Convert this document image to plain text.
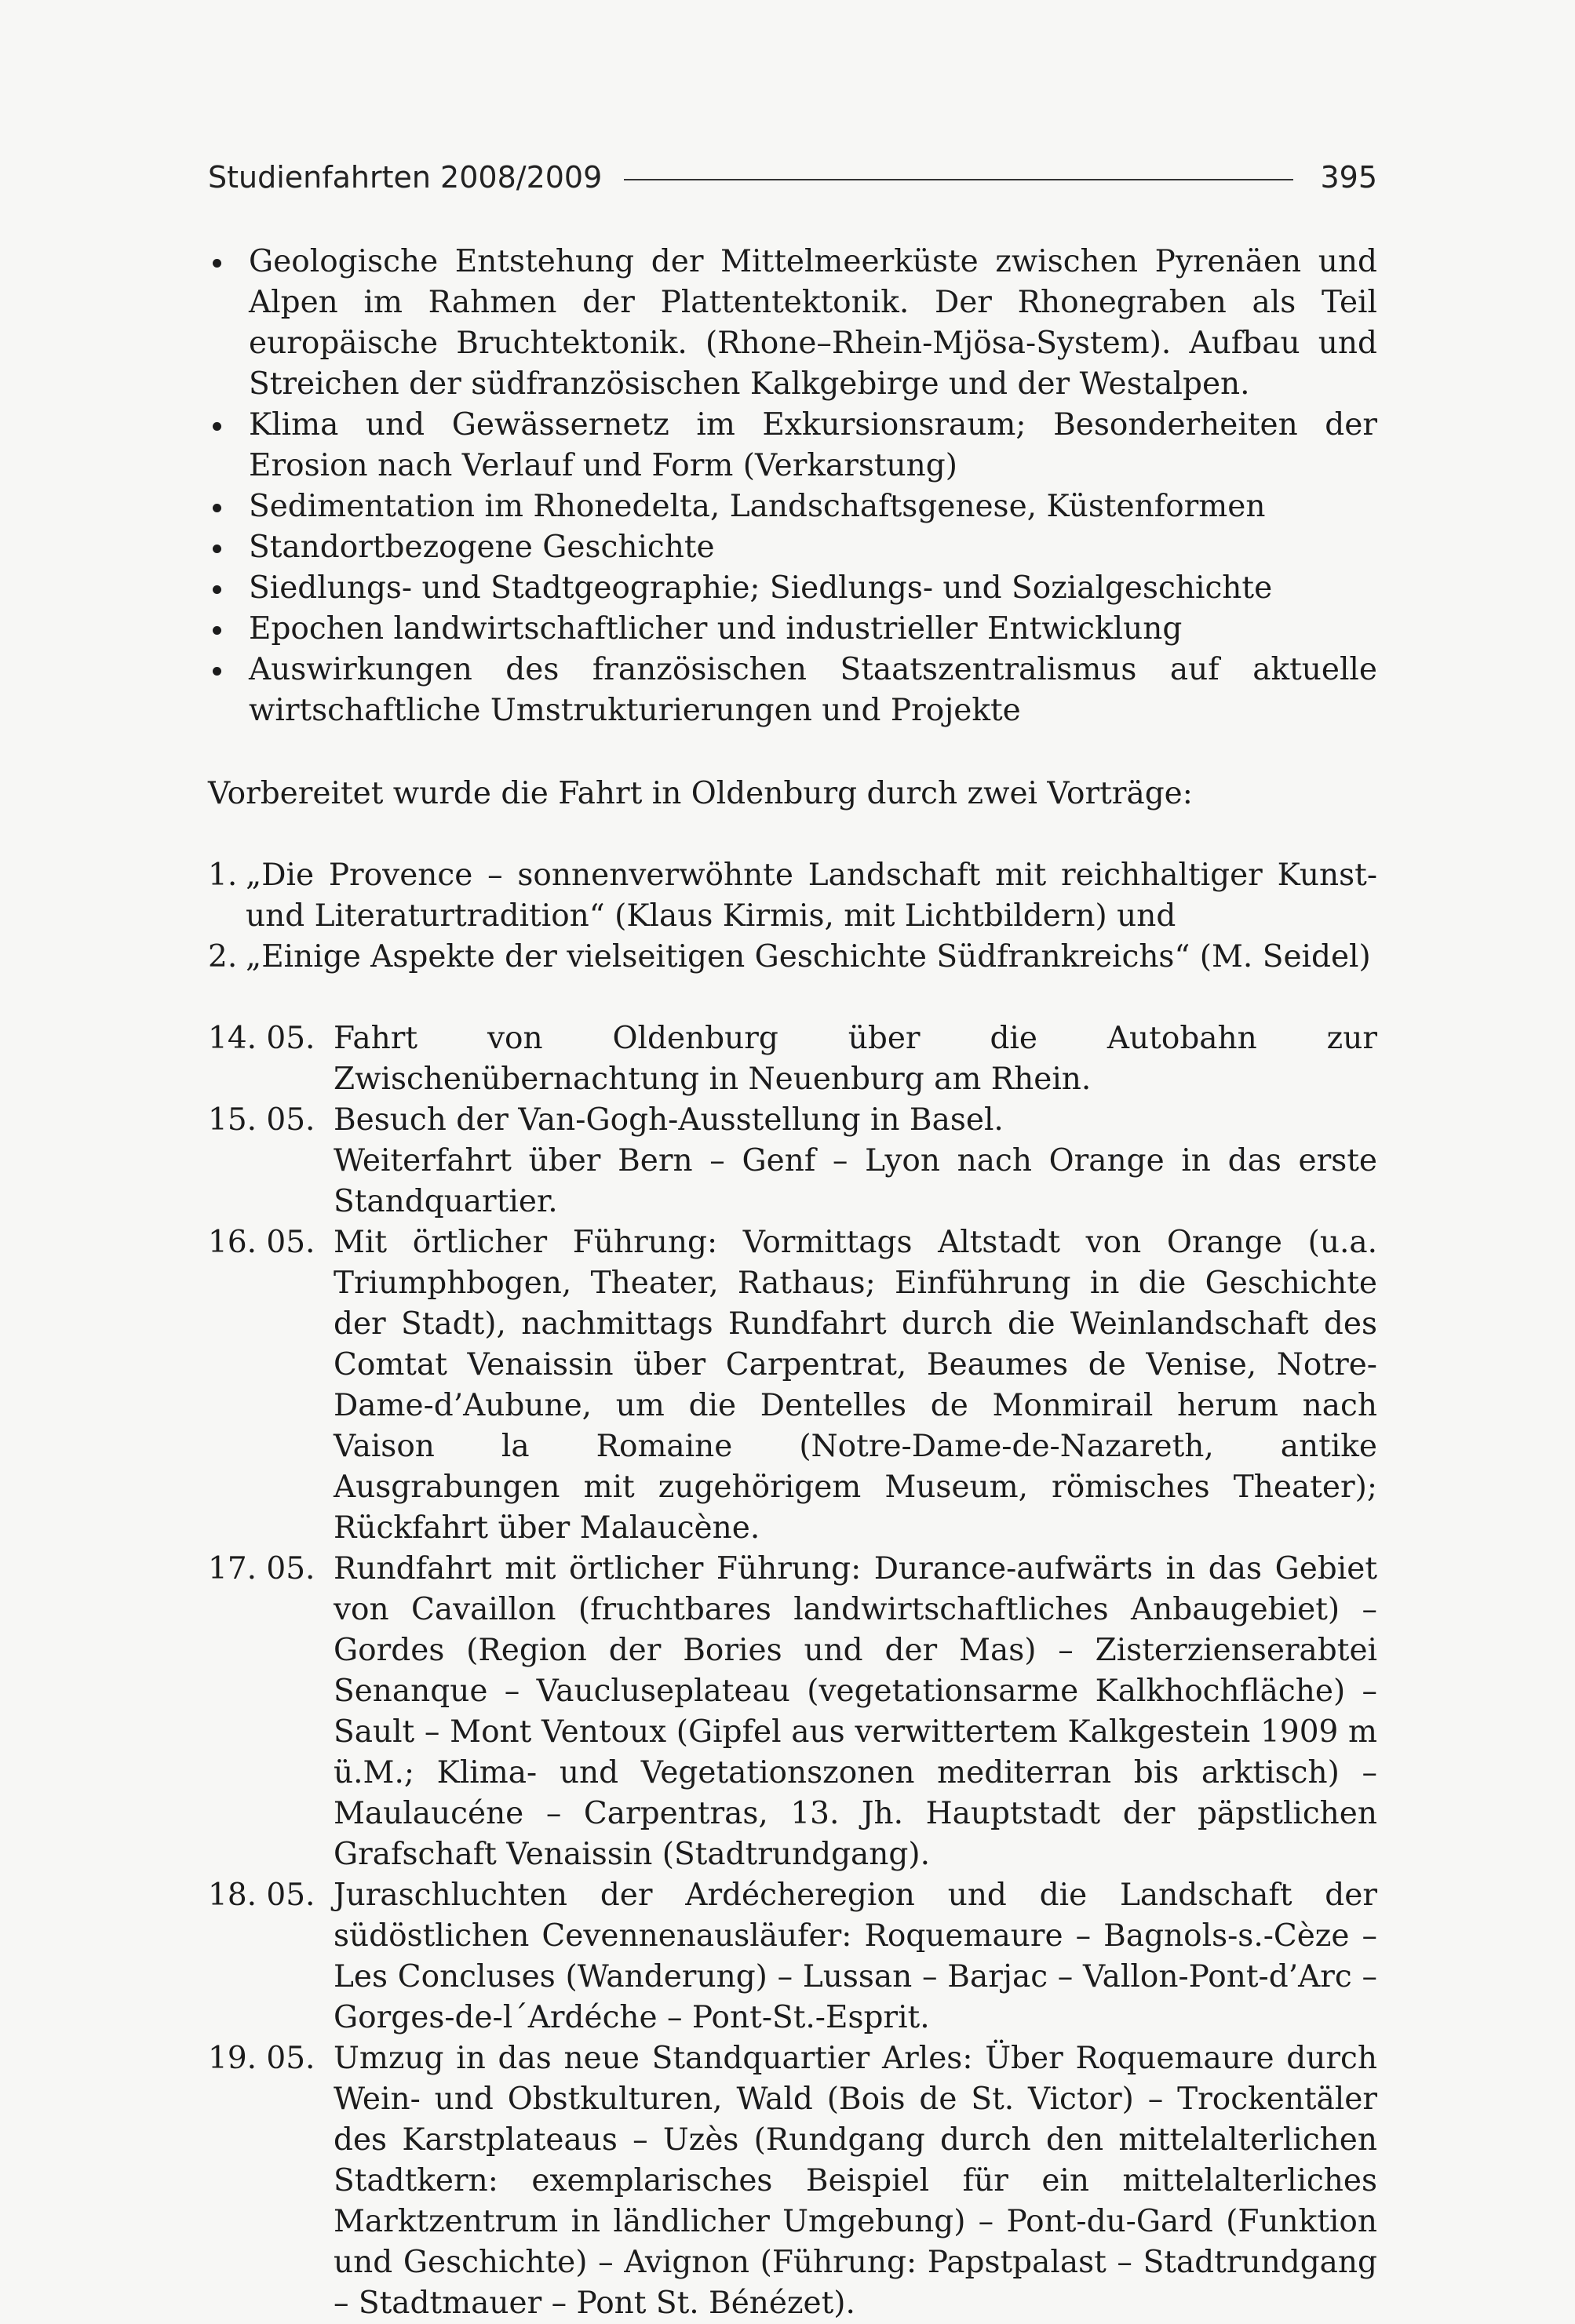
Studienfahrten 2008/2009	395
Geologische Entstehung der Mittelmeerküste zwischen Pyrenäen und Alpen im Rahmen der Plattentektonik. Der Rhonegraben als Teil europäische Bruchtektonik. (Rhone–Rhein-Mjösa-System). Aufbau und Streichen der südfranzösischen Kalkgebirge und der Westalpen.
Klima und Gewässernetz im Exkursionsraum; Besonderheiten der Erosion nach Verlauf und Form (Verkarstung)
Sedimentation im Rhonedelta, Landschaftsgenese, Küstenformen
Standortbezogene Geschichte
Siedlungs- und Stadtgeographie; Siedlungs- und Sozialgeschichte
Epochen landwirtschaftlicher und industrieller Entwicklung
Auswirkungen des französischen Staatszentralismus auf aktuelle wirtschaftliche Umstrukturierungen und Projekte

Vorbereitet wurde die Fahrt in Oldenburg durch zwei Vorträge:

1. „Die Provence – sonnenverwöhnte Landschaft mit reichhaltiger Kunst- und Literaturtradition“ (Klaus Kirmis, mit Lichtbildern) und
2. „Einige Aspekte der vielseitigen Geschichte Südfrankreichs“ (M. Seidel)
14. 05. Fahrt von Oldenburg über die Autobahn zur Zwischenübernachtung in Neuenburg am Rhein.
15. 05. Besuch der Van-Gogh-Ausstellung in Basel.
Weiterfahrt über Bern – Genf – Lyon nach Orange in das erste Standquartier.
16. 05. Mit örtlicher Führung: Vormittags Altstadt von Orange (u.a. Triumphbogen, Theater, Rathaus; Einführung in die Geschichte der Stadt), nachmittags Rundfahrt durch die Weinlandschaft des Comtat Venaissin über Carpentrat, Beaumes de Venise, Notre-Dame-d’Aubune, um die Dentelles de Monmirail herum nach Vaison la Romaine (Notre-Dame-de-Nazareth, antike Ausgrabungen mit zugehörigem Museum, römisches Theater); Rückfahrt über Malaucène.
17. 05. Rundfahrt mit örtlicher Führung: Durance-aufwärts in das Gebiet von Cavaillon (fruchtbares landwirtschaftliches Anbaugebiet) – Gordes (Region der Bories und der Mas) – Zisterzienserabtei Senanque – Vaucluseplateau (vegetationsarme Kalkhochfläche) – Sault – Mont Ventoux (Gipfel aus verwittertem Kalkgestein 1909 m ü.M.; Klima- und Vegetationszonen mediterran bis arktisch) – Maulaucéne – Carpentras, 13. Jh. Hauptstadt der päpstlichen Grafschaft Venaissin (Stadtrundgang).
18. 05. Juraschluchten der Ardécheregion und die Landschaft der südöstlichen Cevennenausläufer: Roquemaure – Bagnols-s.-Cèze – Les Concluses (Wanderung) – Lussan – Barjac – Vallon-Pont-d’Arc – Gorges-de-l´Ardéche – Pont-St.-Esprit.
19. 05. Umzug in das neue Standquartier Arles: Über Roquemaure durch Wein- und Obstkulturen, Wald (Bois de St. Victor) – Trockentäler des Karstplateaus – Uzès (Rundgang durch den mittelalterlichen Stadtkern: exemplarisches Beispiel für ein mittelalterliches Marktzentrum in ländlicher Umgebung) – Pont-du-Gard (Funktion und Geschichte) – Avignon (Führung: Papstpalast – Stadtrundgang – Stadtmauer – Pont St. Bénézet).
